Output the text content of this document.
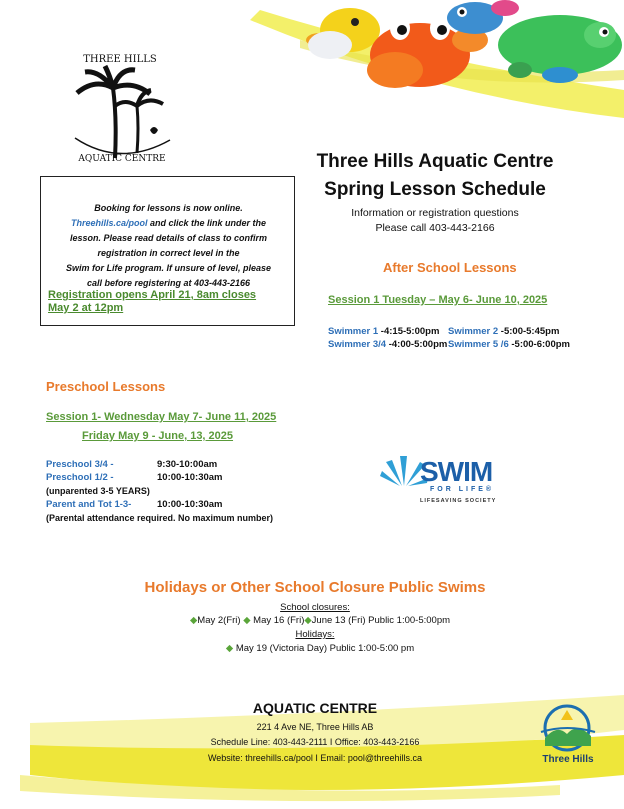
THREE HILLS
AQUATIC CENTRE	Three Hills Aquatic Centre
Spring Lesson Schedule
Information or registration questions
Please call 403-443-2166
Booking for lessons is now online.
Threehills.ca/pool and click the link under the
lesson. Please read details of class to confirm
registration in correct level in the
Swim for Life program. If unsure of level, please
call before registering at 403-443-2166
Registration opens April 21, 8am closes
May 2 at 12pm
After School Lessons
Session 1 Tuesday – May 6- June 10, 2025
Swimmer 1 -4:15-5:00pm Swimmer 2 -5:00-5:45pm
Swimmer 3/4 -4:00-5:00pm Swimmer 5 /6 -5:00-6:00pm
Preschool Lessons
Session 1- Wednesday May 7- June 11, 2025
Friday May 9 - June, 13, 2025
Preschool 3/4 -	9:30-10:00am
Preschool 1/2 -	10:00-10:30am
(unparented 3-5 YEARS)
Parent and Tot 1-3-	10:00-10:30am
(Parental attendance required. No maximum number)
SWIM
FOR LIFE®
LIFESAVING SOCIETY
Holidays or Other School Closure Public Swims
School closures:
◆May 2(Fri) ◆ May 16 (Fri)◆June 13 (Fri) Public 1:00-5:00pm
Holidays:
◆ May 19 (Victoria Day) Public 1:00-5:00 pm
AQUATIC CENTRE
221 4 Ave NE, Three Hills AB
Schedule Line: 403-443-2111 I Office: 403-443-2166
Website: threehills.ca/pool I Email: pool@threehills.ca	Three Hills
